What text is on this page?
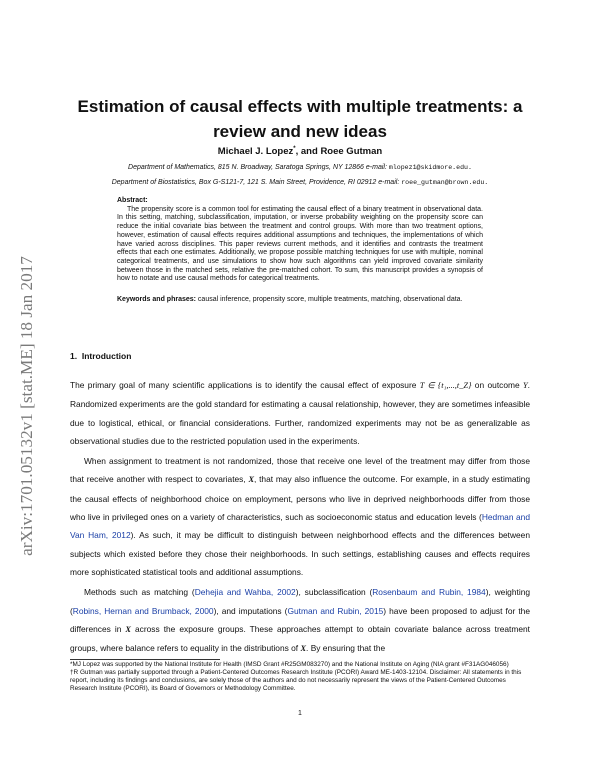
arXiv:1701.05132v1 [stat.ME] 18 Jan 2017
Estimation of causal effects with multiple treatments: a review and new ideas
Michael J. Lopez*, and Roee Gutman
Department of Mathematics, 815 N. Broadway, Saratoga Springs, NY 12866 e-mail: mlopez1@skidmore.edu.
Department of Biostatistics, Box G-S121-7, 121 S. Main Street, Providence, RI 02912 e-mail: roee_gutman@brown.edu.
Abstract:

The propensity score is a common tool for estimating the causal effect of a binary treatment in observational data. In this setting, matching, subclassification, imputation, or inverse probability weighting on the propensity score can reduce the initial covariate bias between the treatment and control groups. With more than two treatment options, however, estimation of causal effects requires additional assumptions and techniques, the implementations of which have varied across disciplines. This paper reviews current methods, and it identifies and contrasts the treatment effects that each one estimates. Additionally, we propose possible matching techniques for use with multiple, nominal categorical treatments, and use simulations to show how such algorithms can yield improved covariate similarity between those in the matched sets, relative the pre-matched cohort. To sum, this manuscript provides a synopsis of how to notate and use causal methods for categorical treatments.

Keywords and phrases: causal inference, propensity score, multiple treatments, matching, observational data.
1. Introduction

The primary goal of many scientific applications is to identify the causal effect of exposure T ∈ {t₁,...,t_Z} on outcome Y. Randomized experiments are the gold standard for estimating a causal relationship, however, they are sometimes infeasible due to logistical, ethical, or financial considerations. Further, randomized experiments may not be as generalizable as observational studies due to the restricted population used in the experiments.

When assignment to treatment is not randomized, those that receive one level of the treatment may differ from those that receive another with respect to covariates, X, that may also influence the outcome. For example, in a study estimating the causal effects of neighborhood choice on employment, persons who live in deprived neighborhoods differ from those who live in privileged ones on a variety of characteristics, such as socioeconomic status and education levels (Hedman and Van Ham, 2012). As such, it may be difficult to distinguish between neighborhood effects and the differences between subjects which existed before they chose their neighborhoods. In such settings, establishing causes and effects requires more sophisticated statistical tools and additional assumptions.

Methods such as matching (Dehejia and Wahba, 2002), subclassification (Rosenbaum and Rubin, 1984), weighting (Robins, Hernan and Brumback, 2000), and imputations (Gutman and Rubin, 2015) have been proposed to adjust for the differences in X across the exposure groups. These approaches attempt to obtain covariate balance across treatment groups, where balance refers to equality in the distributions of X. By ensuring that the

*MJ Lopez was supported by the National Institute for Health (IMSD Grant #R25GM083270) and the National Institute on Aging (NIA grant #F31AG046056)

†R Gutman was partially supported through a Patient-Centered Outcomes Research Institute (PCORI) Award ME-1403-12104. Disclaimer: All statements in this report, including its findings and conclusions, are solely those of the authors and do not necessarily represent the views of the Patient-Centered Outcomes Research Institute (PCORI), its Board of Governors or Methodology Committee.

1
